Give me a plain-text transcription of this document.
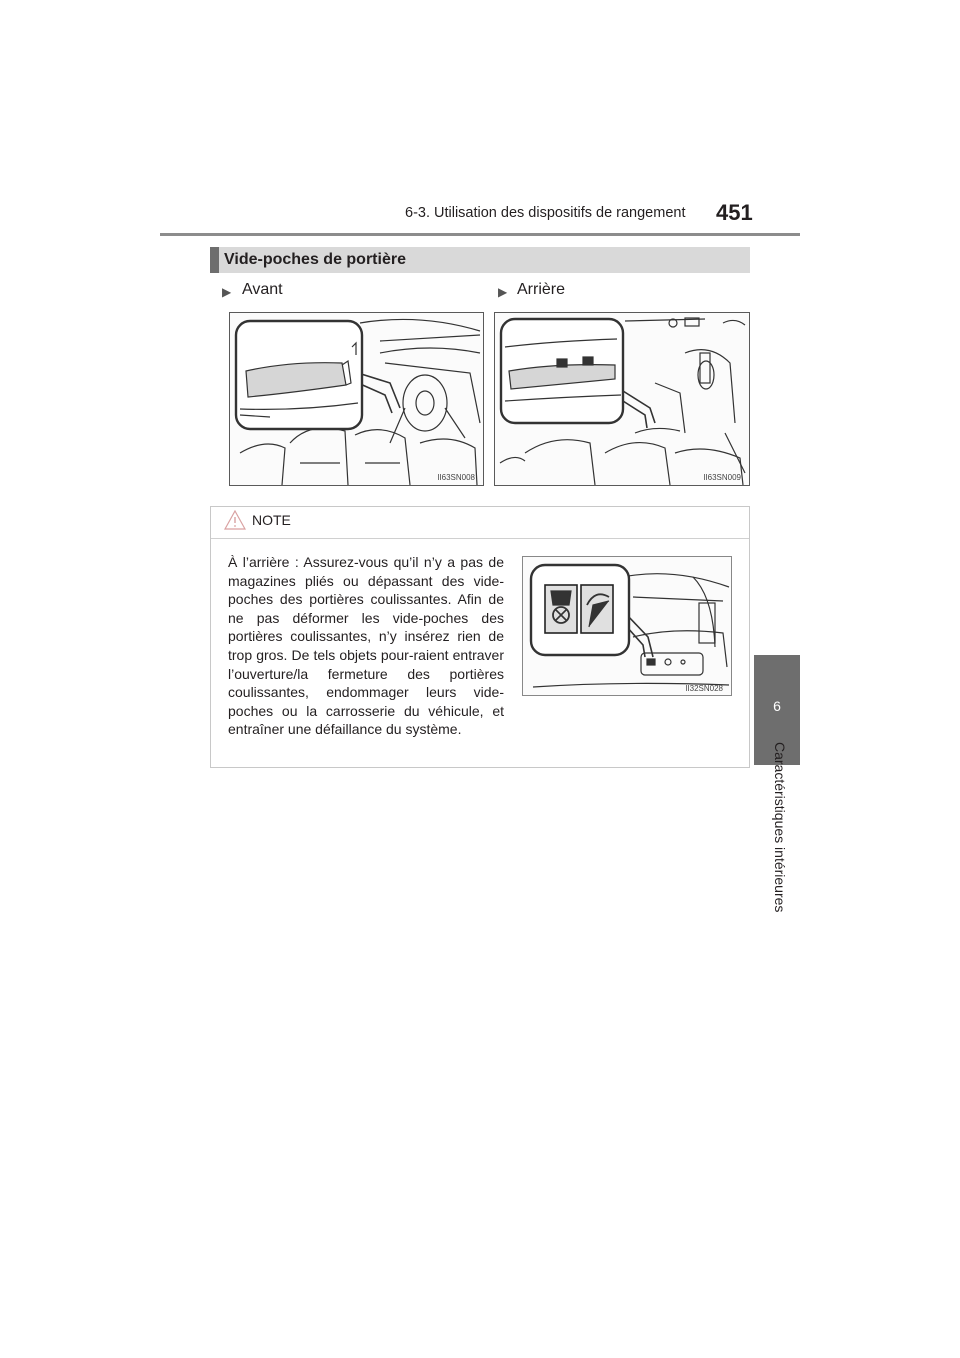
6-3. Utilisation des dispositifs de rangement 451
6
Caractéristiques intérieures
Vide-poches de portière
▶ Avant	▶ Arrière
II63SN008	II63SN009
NOTE
À l’arrière : Assurez-vous qu’il n’y a pas de magazines pliés ou dépassant des vide-poches des portières coulissantes. Afin de ne pas déformer les vide-poches des portières coulissantes, n’y insérez rien de trop gros. De tels objets pour-raient entraver l’ouverture/la fermeture des portières coulissantes, endommager leurs vide-poches ou la carrosserie du véhicule, et entraîner une défaillance du système.
II32SN028
